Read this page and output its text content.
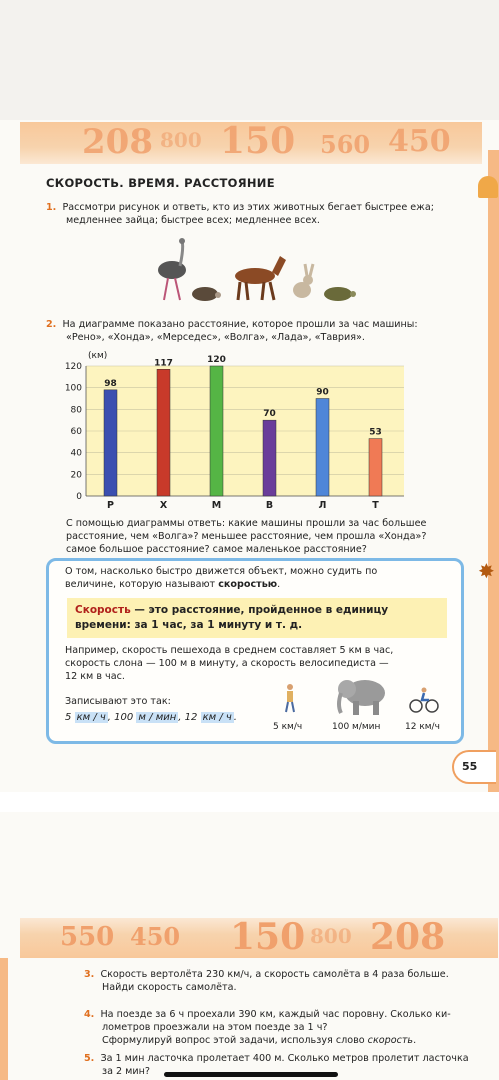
208 800 150 560 450
✸
СКОРОСТЬ. ВРЕМЯ. РАССТОЯНИЕ
1. Рассмотри рисунок и ответь, кто из этих животных бегает быстрее ежа;
медленнее зайца; быстрее всех; медленнее всех.
2. На диаграмме показано расстояние, которое прошли за час машины:
«Рено», «Хонда», «Мерседес», «Волга», «Лада», «Таврия».
0
20
40
60
80
100
120
98
117	120
70
90
53
Р	Х	М	В	Л	Т
(км)
С помощью диаграммы ответь: какие машины прошли за час большее
расстояние, чем «Волга»? меньшее расстояние, чем прошла «Хонда»?
самое большое расстояние? самое маленькое расстояние?
О том, насколько быстро движется объект, можно судить по
величине, которую называют скоростью.
Скорость — это расстояние, пройденное в единицу
времени: за 1 час, за 1 минуту и т. д.
Например, скорость пешехода в среднем составляет 5 км в час,
скорость слона — 100 м в минуту, а скорость велосипедиста —
12 км в час.
Записывают это так:
5 км / ч , 100 м / мин , 12 км / ч .
5 км/ч	100 м/мин	12 км/ч
55
550 450 150 800 208
3. Скорость вертолёта 230 км/ч, а скорость самолёта в 4 раза больше.
Найди скорость самолёта.
4. На поезде за 6 ч проехали 390 км, каждый час поровну. Сколько ки-
лометров проезжали на этом поезде за 1 ч?
Сформулируй вопрос этой задачи, используя слово скорость.
5. За 1 мин ласточка пролетает 400 м. Сколько метров пролетит ласточка
за 2 мин?
